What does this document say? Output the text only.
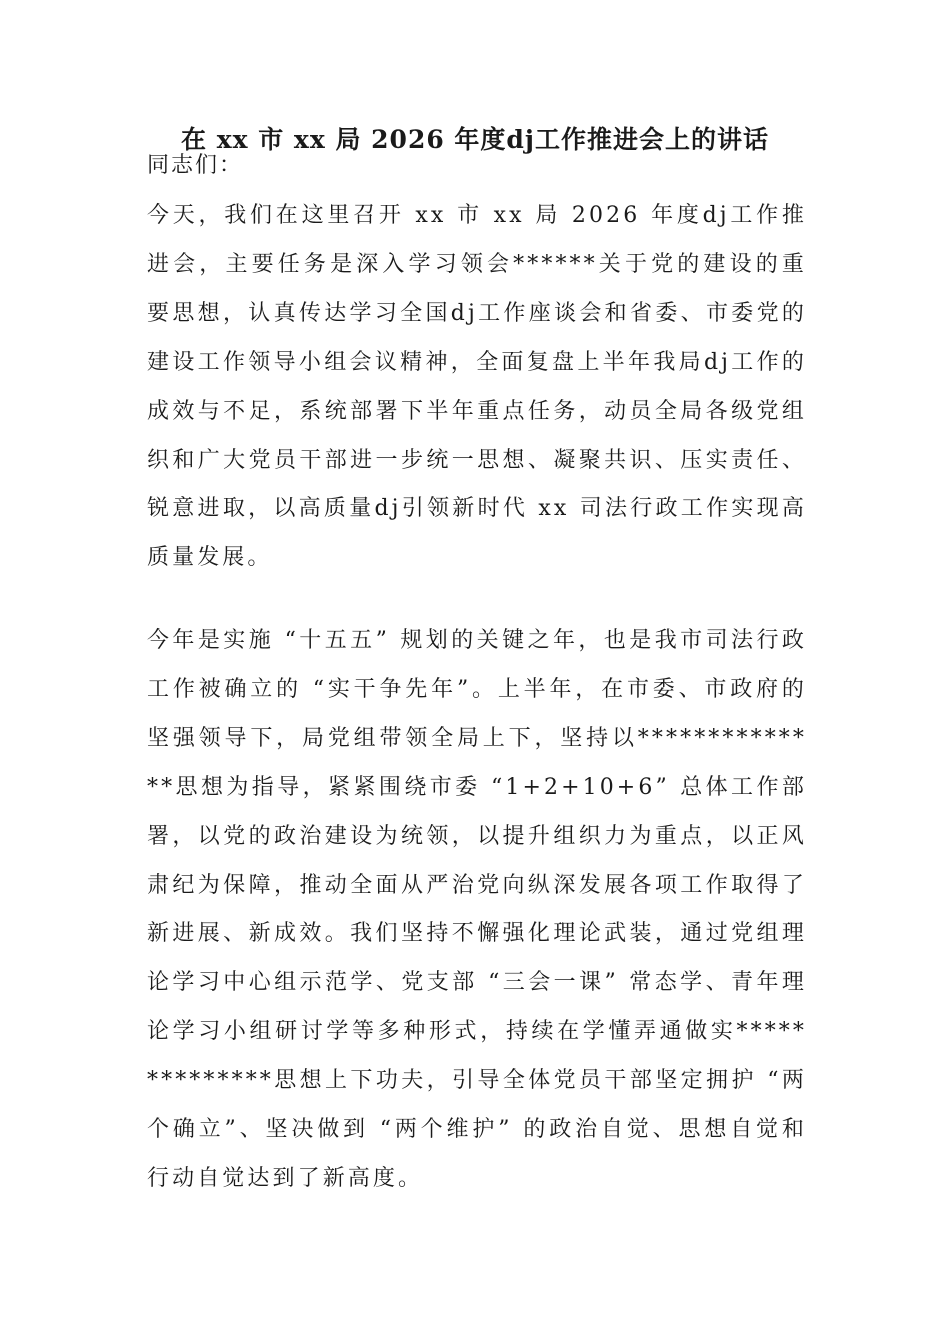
在 xx 市 xx 局 2026 年度dj工作推进会上的讲话
同志们：
今天，我们在这里召开 xx 市 xx 局 2026 年度dj工作推进会，主要任务是深入学习领会******关于党的建设的重要思想，认真传达学习全国dj工作座谈会和省委、市委党的建设工作领导小组会议精神，全面复盘上半年我局dj工作的成效与不足，系统部署下半年重点任务，动员全局各级党组织和广大党员干部进一步统一思想、凝聚共识、压实责任、锐意进取，以高质量dj引领新时代 xx 司法行政工作实现高质量发展。
今年是实施 “十五五” 规划的关键之年，也是我市司法行政工作被确立的 “实干争先年”。上半年，在市委、市政府的坚强领导下，局党组带领全局上下，坚持以**************思想为指导，紧紧围绕市委 “1+2+10+6” 总体工作部署，以党的政治建设为统领，以提升组织力为重点，以正风肃纪为保障，推动全面从严治党向纵深发展各项工作取得了新进展、新成效。我们坚持不懈强化理论武装，通过党组理论学习中心组示范学、党支部 “三会一课” 常态学、青年理论学习小组研讨学等多种形式，持续在学懂弄通做实**************思想上下功夫，引导全体党员干部坚定拥护 “两个确立”、坚决做到 “两个维护” 的政治自觉、思想自觉和行动自觉达到了新高度。
